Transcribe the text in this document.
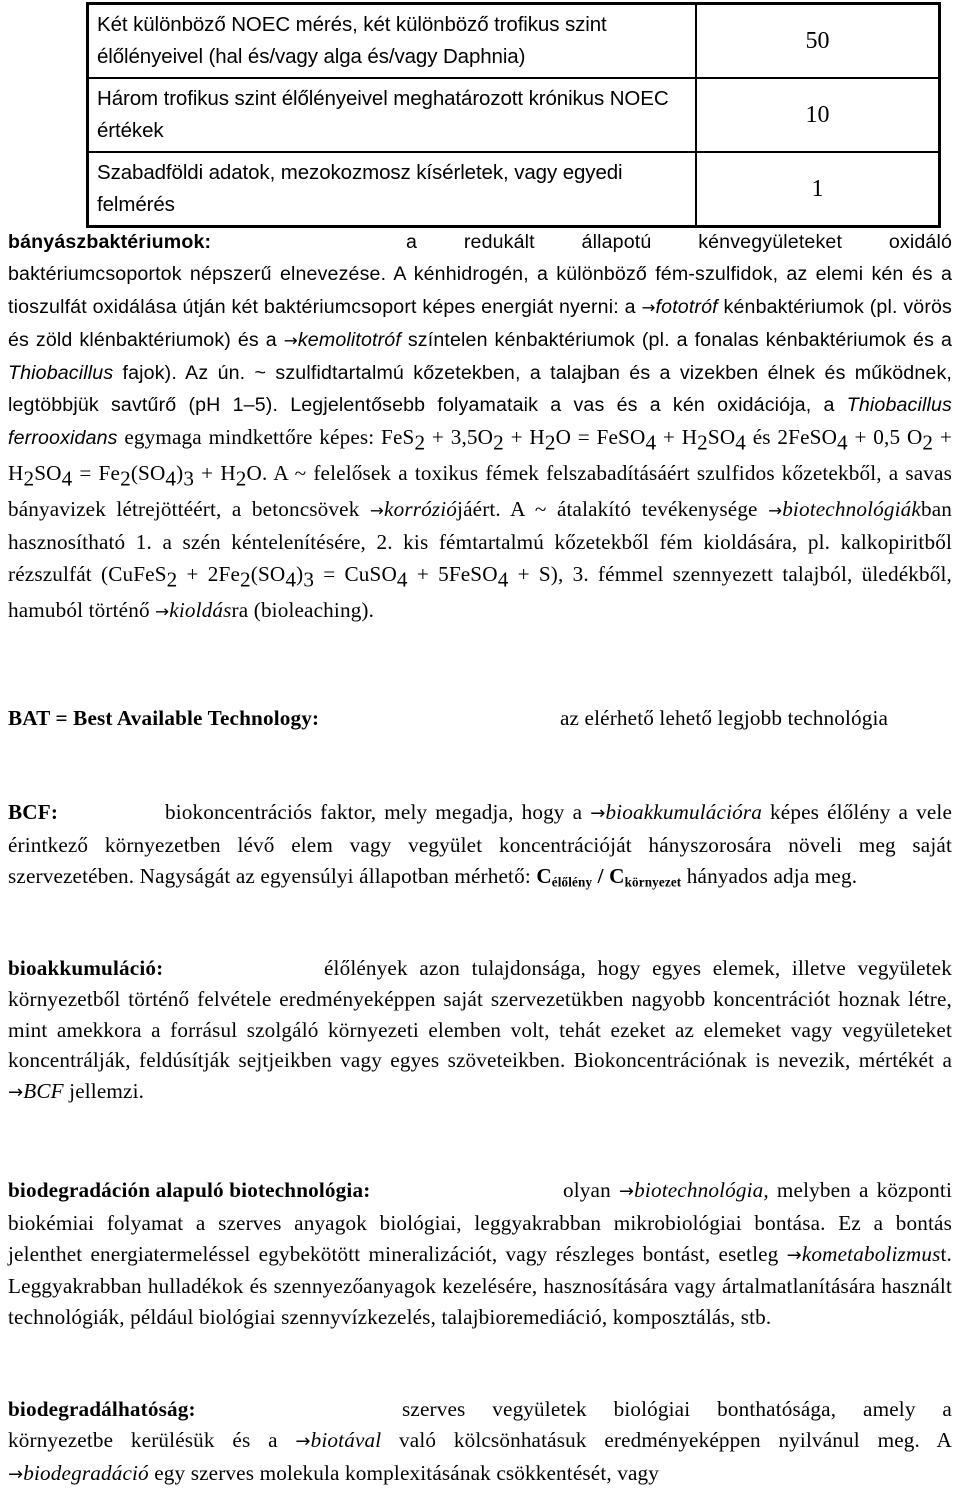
Két különböző NOEC mérés, két különböző trofikus szint élőlényeivel (hal és/vagy alga és/vagy Daphnia)	50
Három trofikus szint élőlényeivel meghatározott krónikus NOEC értékek	10
Szabadföldi adatok, mezokozmosz kísérletek, vagy egyedi felmérés	1
bányászbaktériumok:	a redukált állapotú kénvegyületeket oxidáló baktériumcsoportok népszerű elnevezése. A kénhidrogén, a különböző fém-szulfidok, az elemi kén és a tioszulfát oxidálása útján két baktériumcsoport képes energiát nyerni: a →fototróf kénbaktériumok (pl. vörös és zöld klénbaktériumok) és a →kemolitotróf színtelen kénbaktériumok (pl. a fonalas kénbaktériumok és a Thiobacillus fajok). Az ún. ~ szulfidtartalmú kőzetekben, a talajban és a vizekben élnek és működnek, legtöbbjük savtűrő (pH 1–5). Legjelentősebb folyamataik a vas és a kén oxidációja, a Thiobacillus ferrooxidans egymaga mindkettőre képes: $FeS_2 + 3,5O_2 + H_2O$ = FeSO$_4$ + $H_2SO_4$ és 2FeSO$_4$ + 0,5 $O_2 + H_2SO_4 = Fe_2(SO_4)_3 + H_2O$. A ~ felelősek a toxikus fémek felszabadításáért szulfidos kőzetekből, a savas bányavizek létrejöttéért, a betoncsövek →korróziójáért. A ~ átalakító tevékenysége →biotechnológiákban hasznosítható 1. a szén kéntelenítésére, 2. kis fémtartalmú kőzetekből fém kioldására, pl. kalkopiritből rézszulfát (CuFeS$_2$ + $2Fe_2(SO_4)_3$ = CuSO$_4$ + 5FeSO$_4$ + S), 3. fémmel szennyezett talajból, üledékből, hamuból történő →kioldásra (bioleaching).
BAT = Best Available Technology:	az elérhető lehető legjobb technológia
BCF:	biokoncentrációs faktor, mely megadja, hogy a →bioakkumulációra képes élőlény a vele érintkező környezetben lévő elem vagy vegyület koncentrációját hányszorosára növeli meg saját szervezetében. Nagyságát az egyensúlyi állapotban mérhető: $C_{élőlény} / C_{környezet}$ hányados adja meg.
bioakkumuláció:	élőlények azon tulajdonsága, hogy egyes elemek, illetve vegyületek környezetből történő felvétele eredményeképpen saját szervezetükben nagyobb koncentrációt hoznak létre, mint amekkora a forrásul szolgáló környezeti elemben volt, tehát ezeket az elemeket vagy vegyületeket koncentrálják, feldúsítják sejtjeikben vagy egyes szöveteikben. Biokoncentrációnak is nevezik, mértékét a →BCF jellemzi.
biodegradáción alapuló biotechnológia:	olyan →biotechnológia, melyben a központi biokémiai folyamat a szerves anyagok biológiai, leggyakrabban mikrobiológiai bontása. Ez a bontás jelenthet energiatermeléssel egybekötött mineralizációt, vagy részleges bontást, esetleg →kometabolizmust. Leggyakrabban hulladékok és szennyezőanyagok kezelésére, hasznosítására vagy ártalmatlanítására használt technológiák, például biológiai szennyvízkezelés, talajbioremediáció, komposztálás, stb.
biodegradálhatóság:	szerves vegyületek biológiai bonthatósága, amely a környezetbe kerülésük és a →biotával való kölcsönhatásuk eredményeképpen nyilvánul meg. A →biodegradáció egy szerves molekula komplexitásának csökkentését, vagy
